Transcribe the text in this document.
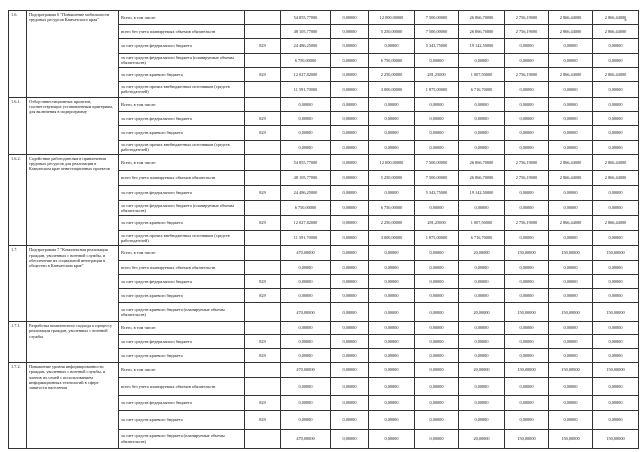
*
1.6.	Подпрограмма 6 "Повышение мобильности трудовых ресурсов Камчатского края"	Всего, в том числе:		54 855,77000	0,00000	12 000,00000	7 500,00000	26 866,70000	2 756,19000	2 866,44000	2 866,44000
		всего без учета планируемых объемов обязательств		48 105,77000	0,00000	5 250,00000	7 500,00000	26 866,70000	2 756,19000	2 866,44000	2 866,44000
		за счет средств федерального бюджета	829	24 486,25000	0,00000	0,00000	5 343,75000	19 142,50000	0,00000	0,00000	0,00000
		за счет средств федерального бюджета (планируемые объемы обязательств)		6 750,00000	0,00000	6 750,00000	0,00000	0,00000	0,00000	0,00000	0,00000
		за счет средств краевого бюджета	829	12 027,82000	0,00000	2 250,00000	281,25000	1 007,50000	2 756,19000	2 866,44000	2 866,44000
		за счет средств прочих внебюджетных источников (средств работодателей)		11 591,70000	0,00000	3 000,00000	1 875,00000	6 716,70000	0,00000	0,00000	0,00000
1.6.1.	Отбор инвестиционных проектов, соответствующих установленным критериям, для включения в подпрограмму	Всего, в том числе:		0,00000	0,00000	0,00000	0,00000	0,00000	0,00000	0,00000	0,00000
		за счет средств федерального бюджета	829	0,00000	0,00000	0,00000	0,00000	0,00000	0,00000	0,00000	0,00000
		за счет средств краевого бюджета	829	0,00000	0,00000	0,00000	0,00000	0,00000	0,00000	0,00000	0,00000
		за счет средств прочих внебюджетных источников (средств работодателей)		0,00000	0,00000	0,00000	0,00000	0,00000	0,00000	0,00000	0,00000
1.6.2.	Содействие работодателям в привлечении трудовых ресурсов для реализации в Камчатском крае инвестиционных проектов	Всего, в том числе:		54 855,77000	0,00000	12 000,00000	7 500,00000	26 866,70000	2 756,19000	2 866,44000	2 866,44000
		всего без учета планируемых объемов обязательств		48 105,77000	0,00000	5 250,00000	7 500,00000	26 866,70000	2 756,19000	2 866,44000	2 866,44000
		за счет средств федерального бюджета	829	24 486,25000	0,00000	0,00000	5 343,75000	19 142,50000	0,00000	0,00000	0,00000
		за счет средств федерального бюджета (планируемые объемы обязательств)		6 750,00000	0,00000	6 750,00000	0,00000	0,00000	0,00000	0,00000	0,00000
		за счет средств краевого бюджета	829	12 027,82000	0,00000	2 250,00000	281,25000	1 007,50000	2 756,19000	2 866,44000	2 866,44000
		за счет средств прочих внебюджетных источников (средств работодателей)		11 591,70000	0,00000	3 000,00000	1 875,00000	6 716,70000	0,00000	0,00000	0,00000
1.7.	Подпрограмма 7 "Комплексная реализация граждан, уволенных с военной службы, и обеспечение их социальной интеграции в общество в Камчатском крае"	Всего, в том числе:		470,00000	0,00000	0,00000	0,00000	20,00000	150,00000	150,00000	150,00000
		всего без учета планируемых объемов обязательств		0,00000	0,00000	0,00000	0,00000	0,00000	0,00000	0,00000	0,00000
		за счет средств федерального бюджета	829	0,00000	0,00000	0,00000	0,00000	0,00000	0,00000	0,00000	0,00000
		за счет средств краевого бюджета	829	0,00000	0,00000	0,00000	0,00000	0,00000	0,00000	0,00000	0,00000
		за счет средств краевого бюджета (планируемые объемы обязательств)		470,00000	0,00000	0,00000	0,00000	20,00000	150,00000	150,00000	150,00000
1.7.1.	Разработка комплексного подхода к процессу реализации граждан, уволенных с военной службы	Всего, в том числе:		0,00000	0,00000	0,00000	0,00000	0,00000	0,00000	0,00000	0,00000
		за счет средств федерального бюджета	829	0,00000	0,00000	0,00000	0,00000	0,00000	0,00000	0,00000	0,00000
		за счет средств краевого бюджета	829	0,00000	0,00000	0,00000	0,00000	0,00000	0,00000	0,00000	0,00000
1.7.2.	Повышение уровня информированности граждан, уволенных с военной службы, и членов их семей с использованием информационных технологий в сфере занятости населения	Всего, в том числе:		470,00000	0,00000	0,00000	0,00000	20,00000	150,00000	150,00000	150,00000
		всего без учета планируемых объемов обязательств		0,00000	0,00000	0,00000	0,00000	0,00000	0,00000	0,00000	0,00000
		за счет средств федерального бюджета	829	0,00000	0,00000	0,00000	0,00000	0,00000	0,00000	0,00000	0,00000
		за счет средств краевого бюджета	829	0,00000	0,00000	0,00000	0,00000	0,00000	0,00000	0,00000	0,00000
		за счет средств краевого бюджета (планируемые объемы обязательств)		470,00000	0,00000	0,00000	0,00000	20,00000	150,00000	150,00000	150,00000
